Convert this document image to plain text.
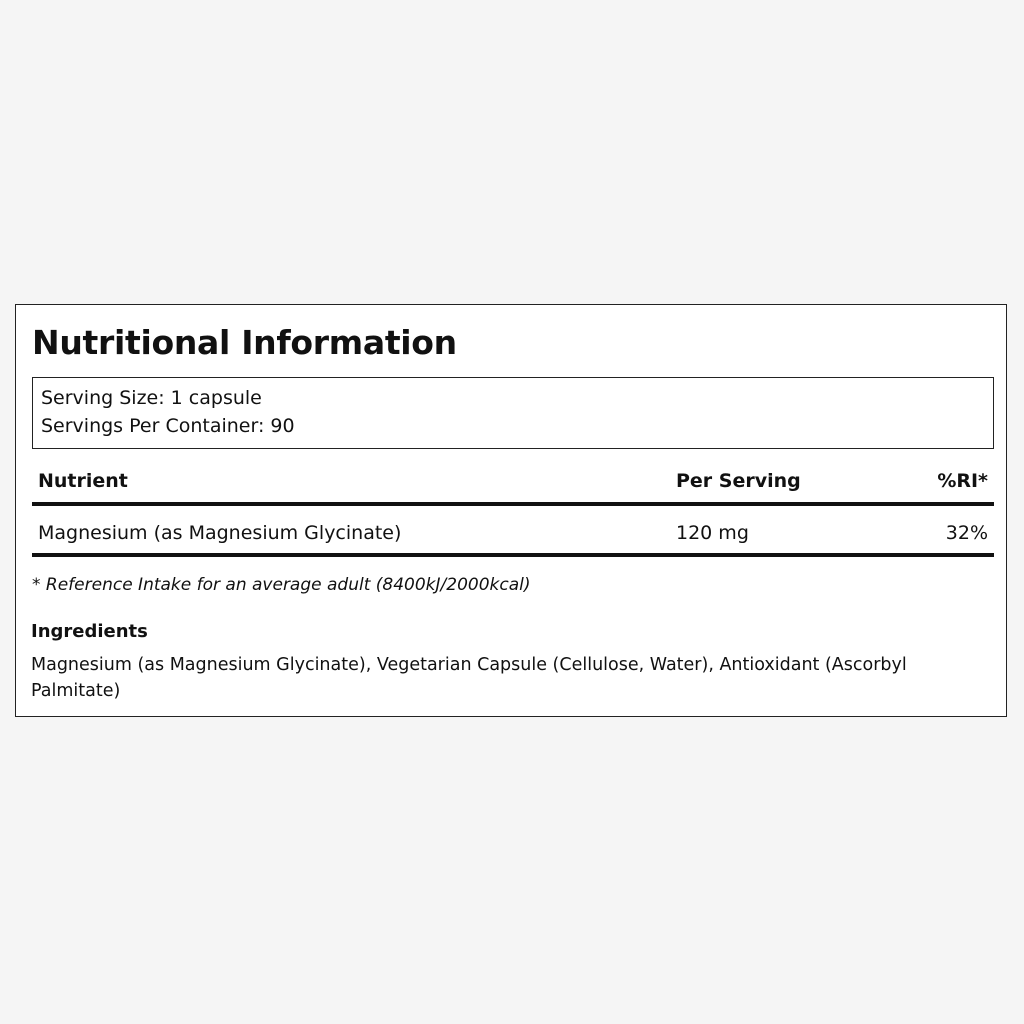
Nutritional Information
Serving Size: 1 capsule
Servings Per Container: 90
Nutrient	Per Serving	%RI*
Magnesium (as Magnesium Glycinate)	120 mg	32%
* Reference Intake for an average adult (8400kJ/2000kcal)
Ingredients
Magnesium (as Magnesium Glycinate), Vegetarian Capsule (Cellulose, Water), Antioxidant (Ascorbyl Palmitate)
